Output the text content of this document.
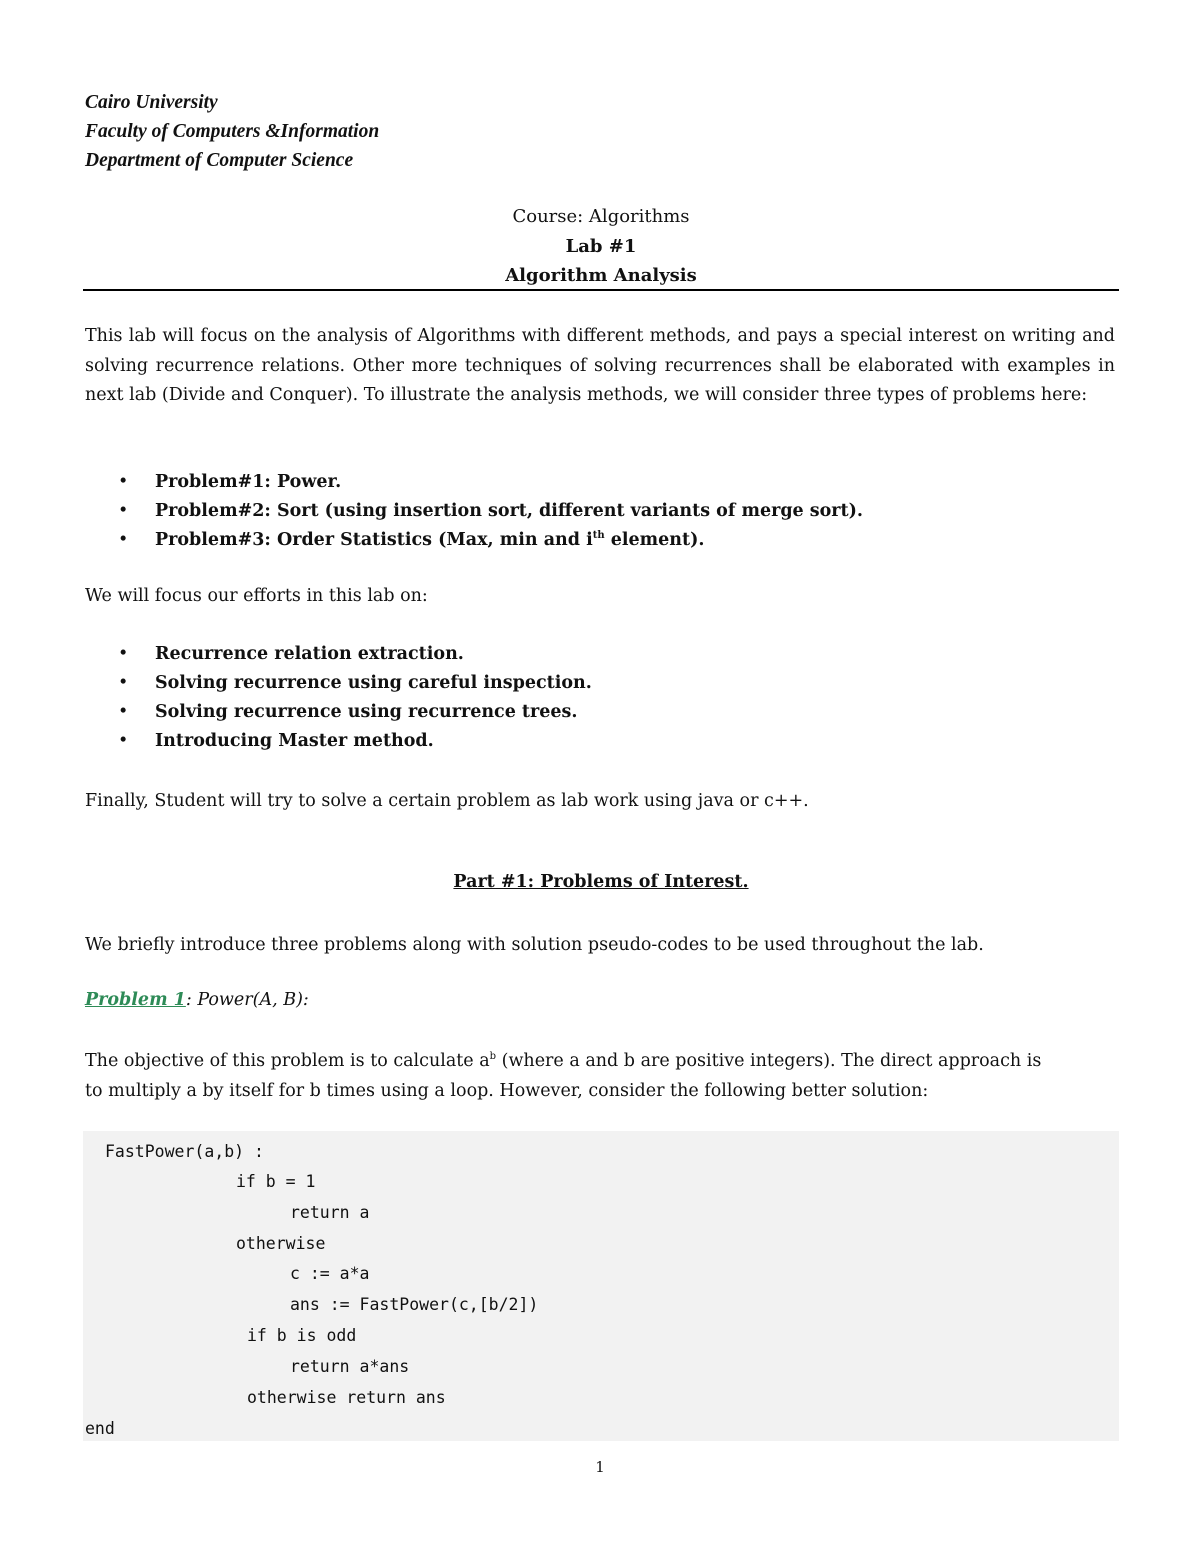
Cairo University
Faculty of Computers &Information
Department of Computer Science
Course: Algorithms
Lab #1
Algorithm Analysis
This lab will focus on the analysis of Algorithms with different methods, and pays a special interest on writing and solving recurrence relations. Other more techniques of solving recurrences shall be elaborated with examples in next lab (Divide and Conquer). To illustrate the analysis methods, we will consider three types of problems here:
• Problem#1: Power.
• Problem#2: Sort (using insertion sort, different variants of merge sort).
• Problem#3: Order Statistics (Max, min and $i^{th}$ element).
We will focus our efforts in this lab on:
• Recurrence relation extraction.
• Solving recurrence using careful inspection.
• Solving recurrence using recurrence trees.
• Introducing Master method.
Finally, Student will try to solve a certain problem as lab work using java or c++.
Part #1: Problems of Interest.
We briefly introduce three problems along with solution pseudo-codes to be used throughout the lab.
Problem 1: Power(A, B):
The objective of this problem is to calculate $a^b$ (where a and b are positive integers). The direct approach is
to multiply a by itself for b times using a loop. However, consider the following better solution:
FastPower(a,b) :
if b = 1
return a
otherwise
c := a*a
ans := FastPower(c,[b/2])
if b is odd
return a*ans
otherwise return ans
end
1
